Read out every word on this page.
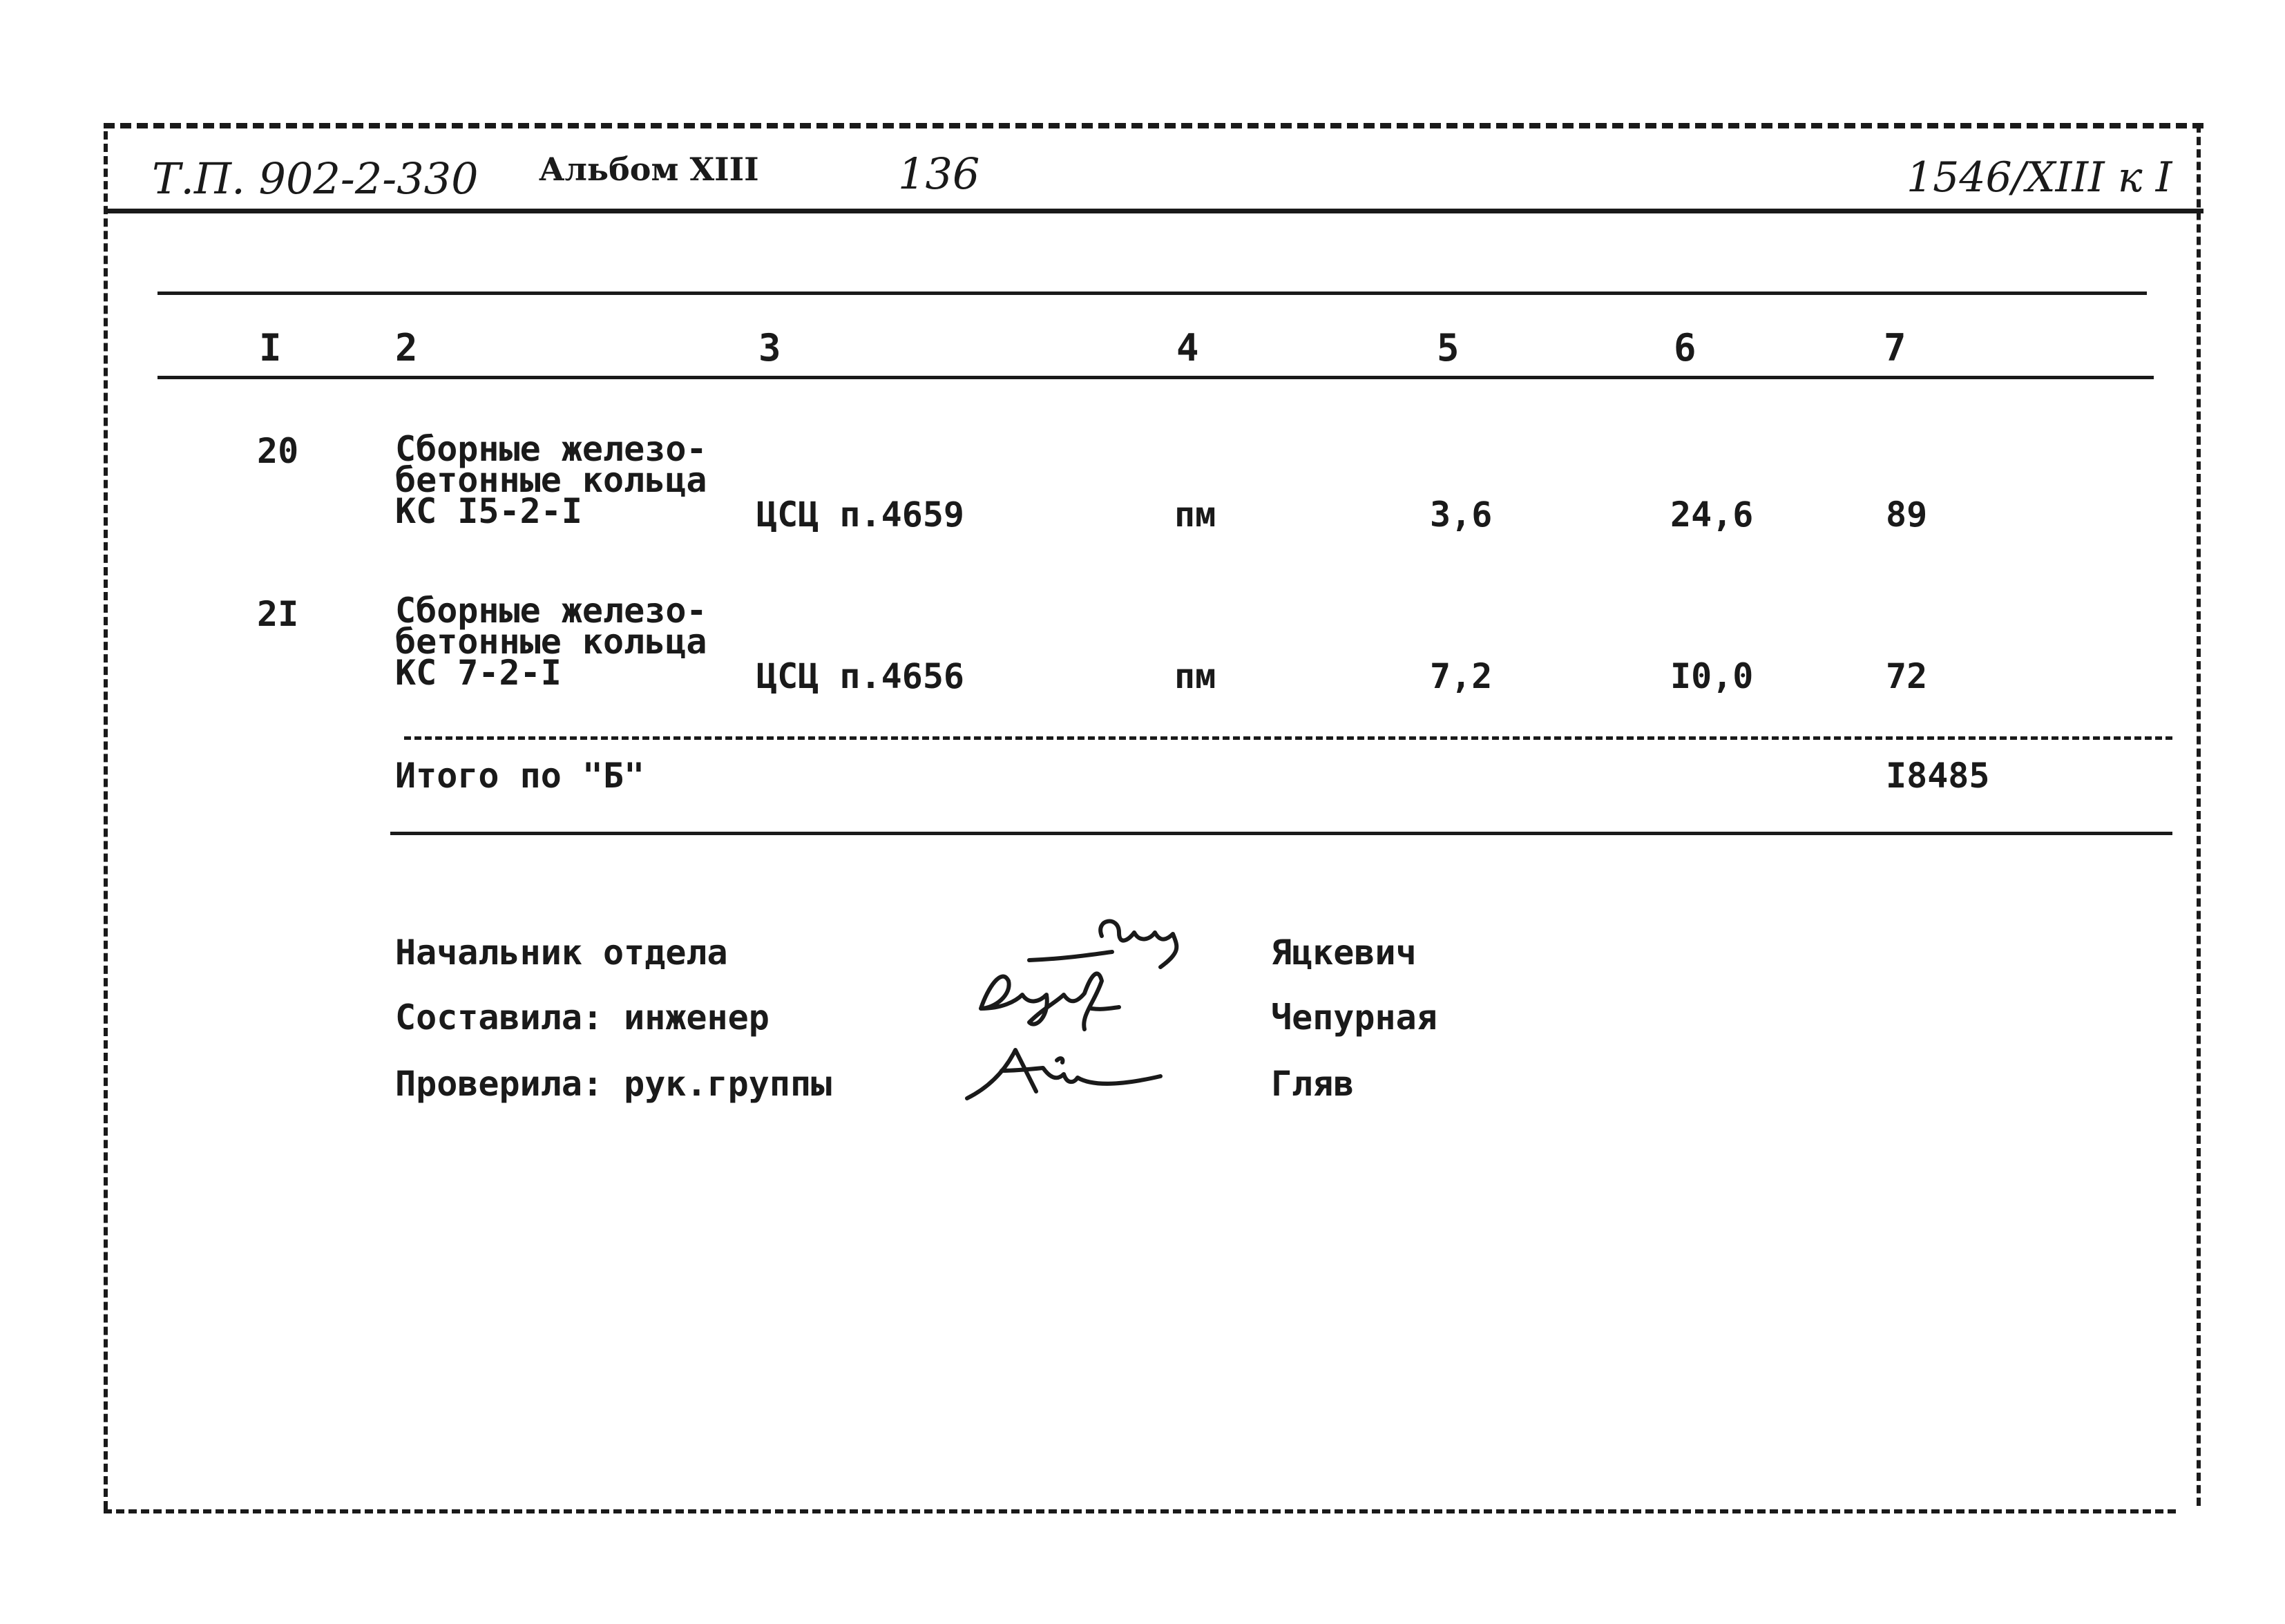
Т.П. 902-2-330 Альбом XIII	136	1546/XIII к I
I	2	3	4	5	6	7
20	Сборные железо-
бетонные кольца
КС I5-2-I	ЦСЦ п.4659	пм	3,6	24,6	89
2I	Сборные железо-
бетонные кольца
КС 7-2-I	ЦСЦ п.4656	пм	7,2	I0,0	72
Итого по "Б"	I8485
Начальник отдела
Составила: инженер
Проверила: рук.группы
Яцкевич
Чепурная
Гляв
